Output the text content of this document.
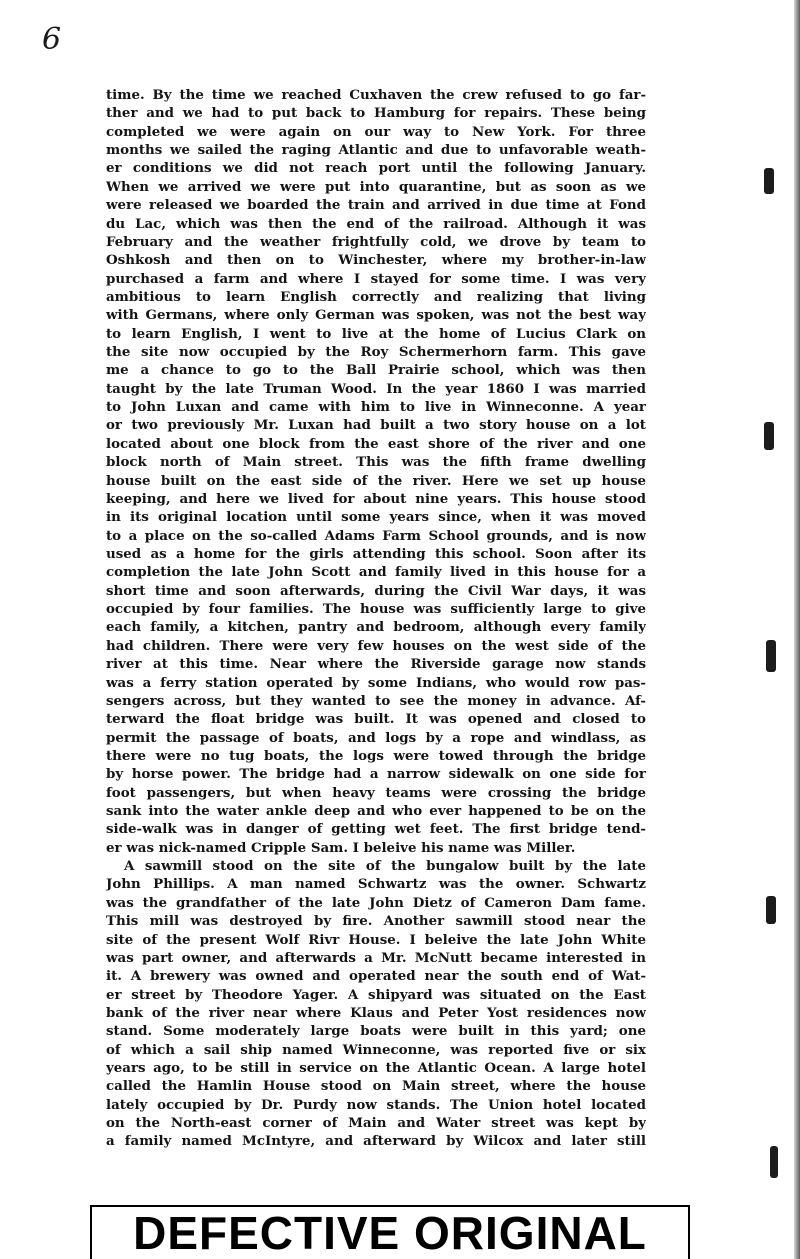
6
time. By the time we reached Cuxhaven the crew refused to go far-
ther and we had to put back to Hamburg for repairs. These being
completed we were again on our way to New York. For three
months we sailed the raging Atlantic and due to unfavorable weath-
er conditions we did not reach port until the following January.
When we arrived we were put into quarantine, but as soon as we
were released we boarded the train and arrived in due time at Fond
du Lac, which was then the end of the railroad. Although it was
February and the weather frightfully cold, we drove by team to
Oshkosh and then on to Winchester, where my brother-in-law
purchased a farm and where I stayed for some time. I was very
ambitious to learn English correctly and realizing that living
with Germans, where only German was spoken, was not the best way
to learn English, I went to live at the home of Lucius Clark on
the site now occupied by the Roy Schermerhorn farm. This gave
me a chance to go to the Ball Prairie school, which was then
taught by the late Truman Wood. In the year 1860 I was married
to John Luxan and came with him to live in Winneconne. A year
or two previously Mr. Luxan had built a two story house on a lot
located about one block from the east shore of the river and one
block north of Main street. This was the fifth frame dwelling
house built on the east side of the river. Here we set up house
keeping, and here we lived for about nine years. This house stood
in its original location until some years since, when it was moved
to a place on the so-called Adams Farm School grounds, and is now
used as a home for the girls attending this school. Soon after its
completion the late John Scott and family lived in this house for a
short time and soon afterwards, during the Civil War days, it was
occupied by four families. The house was sufficiently large to give
each family, a kitchen, pantry and bedroom, although every family
had children. There were very few houses on the west side of the
river at this time. Near where the Riverside garage now stands
was a ferry station operated by some Indians, who would row pas-
sengers across, but they wanted to see the money in advance. Af-
terward the float bridge was built. It was opened and closed to
permit the passage of boats, and logs by a rope and windlass, as
there were no tug boats, the logs were towed through the bridge
by horse power. The bridge had a narrow sidewalk on one side for
foot passengers, but when heavy teams were crossing the bridge
sank into the water ankle deep and who ever happened to be on the
side-walk was in danger of getting wet feet. The first bridge tend-
er was nick-named Cripple Sam. I beleive his name was Miller.
A sawmill stood on the site of the bungalow built by the late
John Phillips. A man named Schwartz was the owner. Schwartz
was the grandfather of the late John Dietz of Cameron Dam fame.
This mill was destroyed by fire. Another sawmill stood near the
site of the present Wolf Rivr House. I beleive the late John White
was part owner, and afterwards a Mr. McNutt became interested in
it. A brewery was owned and operated near the south end of Wat-
er street by Theodore Yager. A shipyard was situated on the East
bank of the river near where Klaus and Peter Yost residences now
stand. Some moderately large boats were built in this yard; one
of which a sail ship named Winneconne, was reported five or six
years ago, to be still in service on the Atlantic Ocean. A large hotel
called the Hamlin House stood on Main street, where the house
lately occupied by Dr. Purdy now stands. The Union hotel located
on the North-east corner of Main and Water street was kept by
a family named McIntyre, and afterward by Wilcox and later still
DEFECTIVE ORIGINAL
